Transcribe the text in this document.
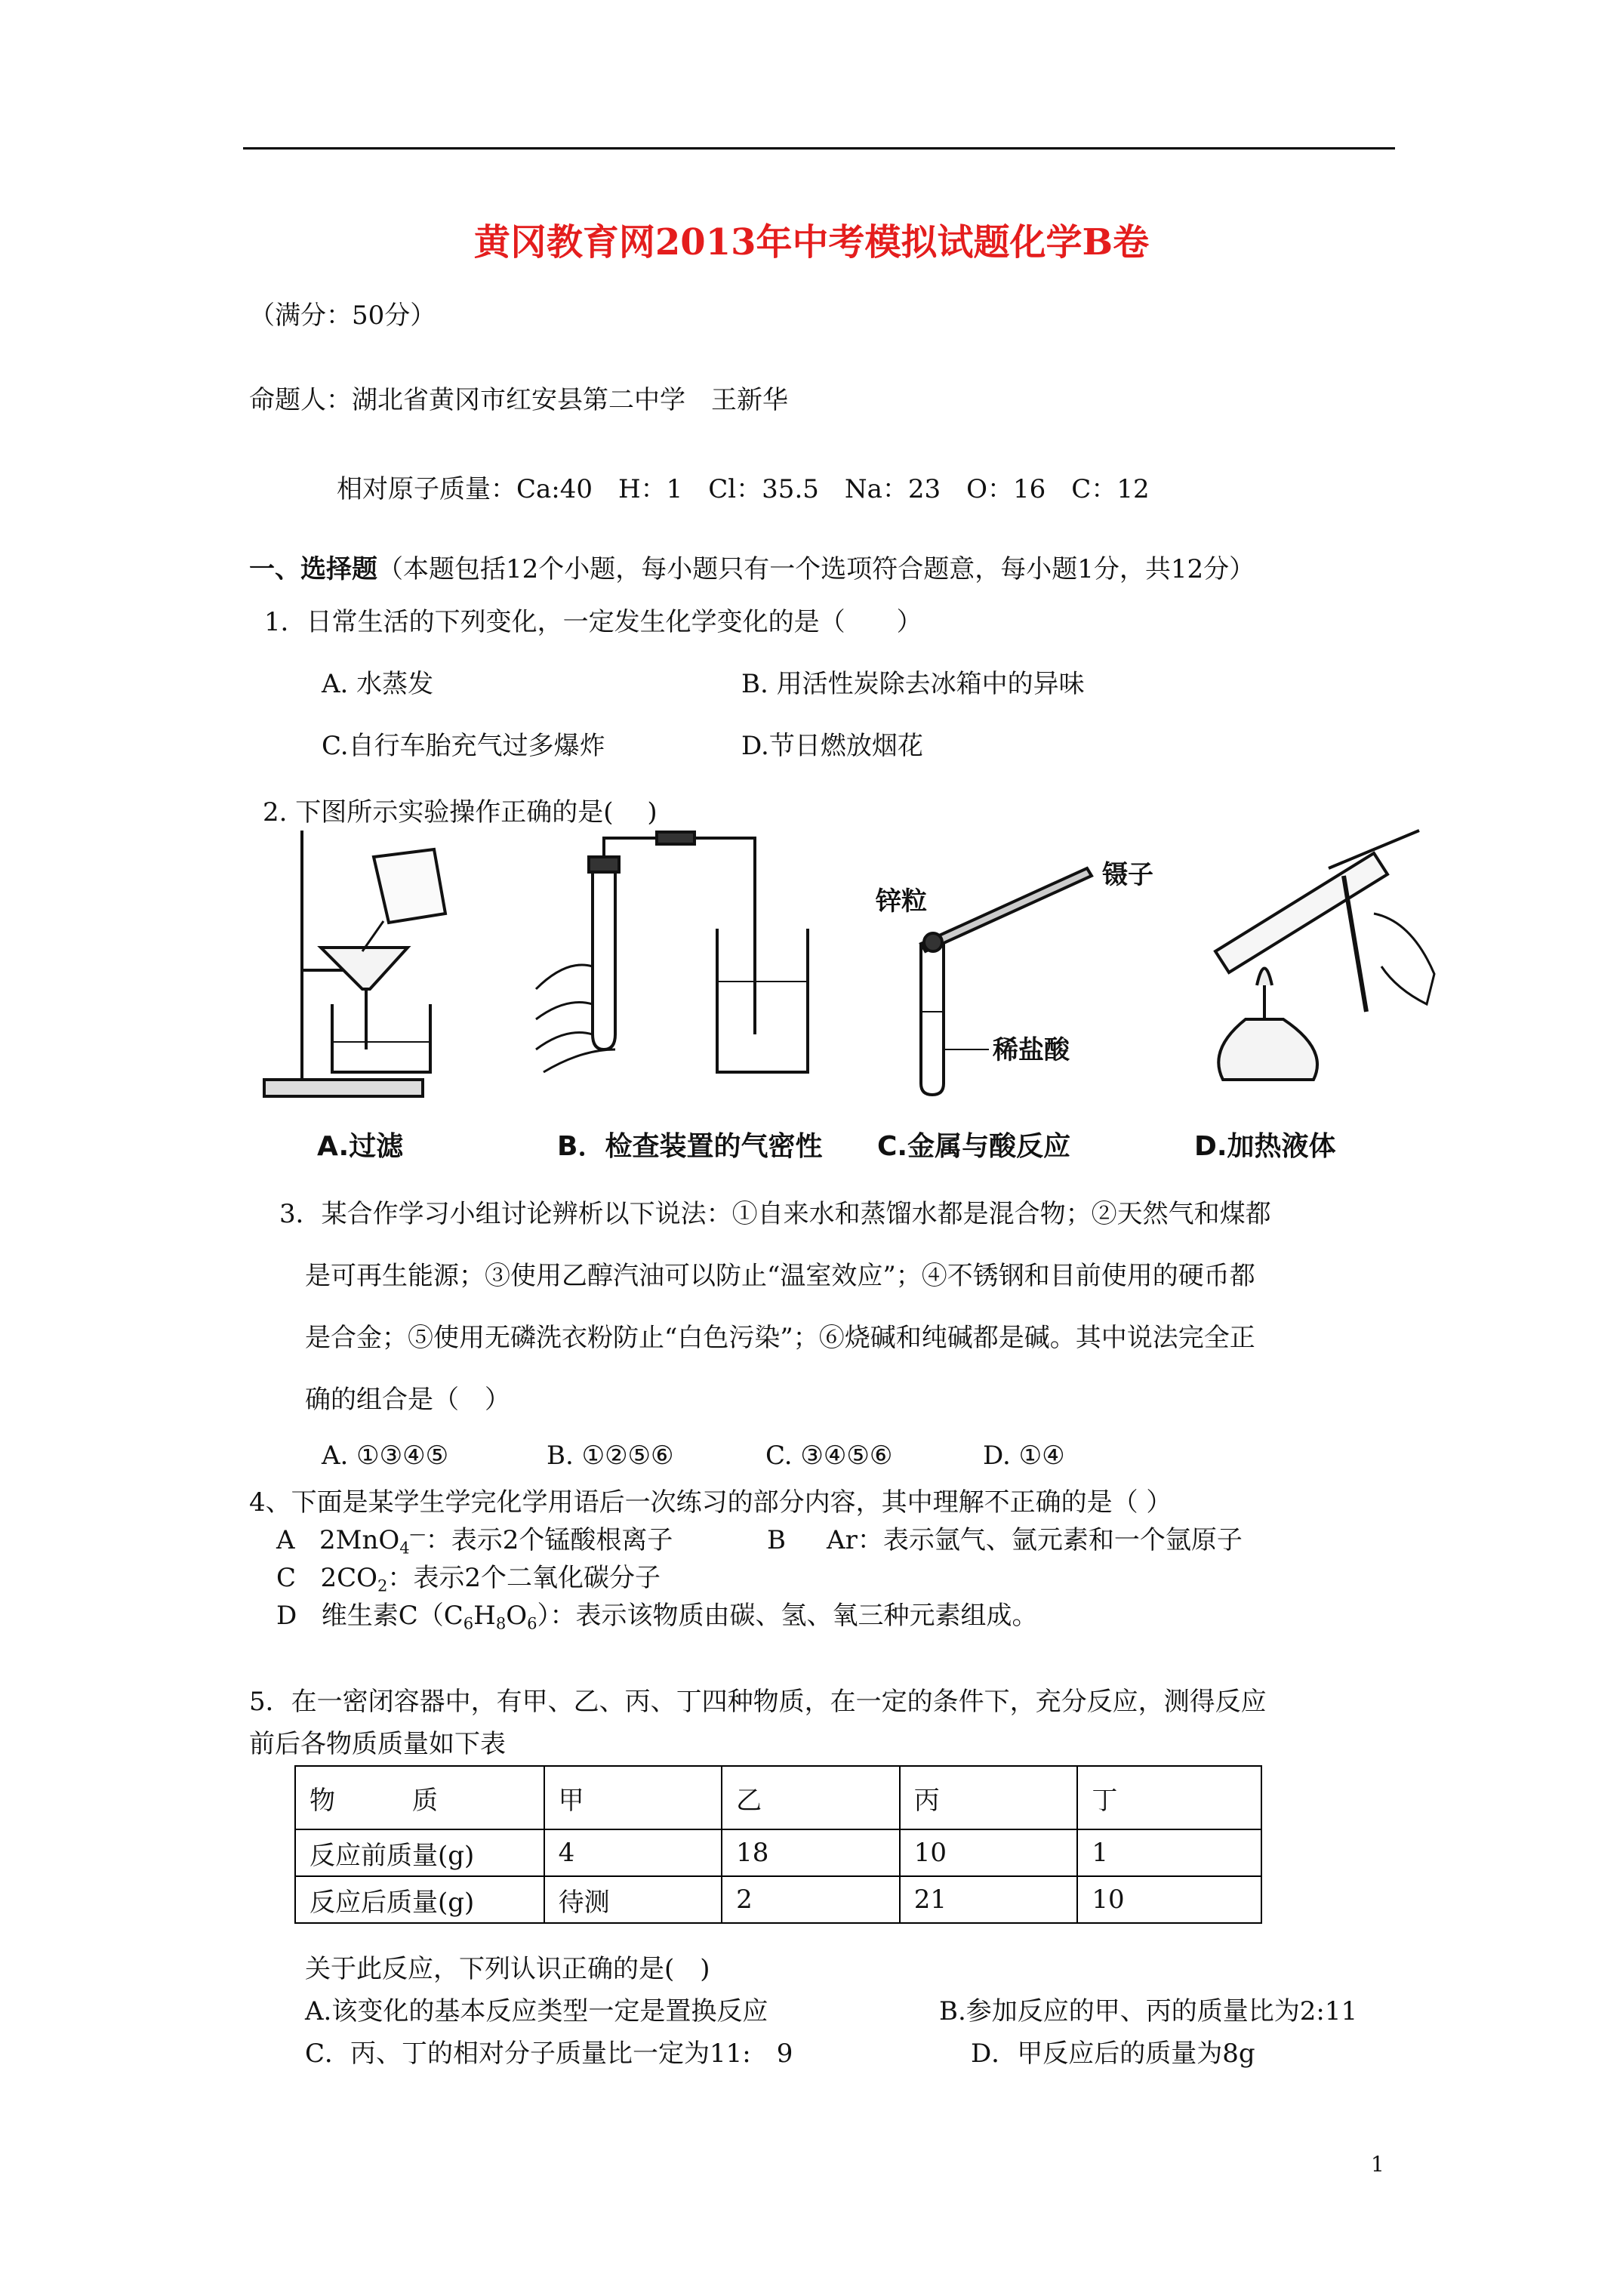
黄冈教育网2013年中考模拟试题化学B卷
（满分：50分）
命题人：湖北省黄冈市红安县第二中学　王新华
相对原子质量：Ca:40　H：1　Cl：35.5　Na：23　O：16　C：12
一、选择题（本题包括12个小题，每小题只有一个选项符合题意，每小题1分，共12分）
1．日常生活的下列变化，一定发生化学变化的是（　　）
A. 水蒸发	B. 用活性炭除去冰箱中的异味
C.自行车胎充气过多爆炸	D.节日燃放烟花
2. 下图所示实验操作正确的是(　 )
A.过滤	B．检查装置的气密性
锌粒
镊子
稀盐酸
C.金属与酸反应	D.加热液体
3．某合作学习小组讨论辨析以下说法：①自来水和蒸馏水都是混合物；②天然气和煤都
是可再生能源；③使用乙醇汽油可以防止“温室效应”；④不锈钢和目前使用的硬币都
是合金；⑤使用无磷洗衣粉防止“白色污染”；⑥烧碱和纯碱都是碱。其中说法完全正
确的组合是（　）
A. ①③④⑤	B. ①②⑤⑥	C. ③④⑤⑥	D. ①④
4、下面是某学生学完化学用语后一次练习的部分内容，其中理解不正确的是（ ）
A 2MnO$_4$—：表示2个锰酸根离子	B Ar：表示氩气、氩元素和一个氩原子
C $2CO_2$：表示2个二氧化碳分子
D 维生素$C(C_6H_8O_6)$：表示该物质由碳、氢、氧三种元素组成。
5．在一密闭容器中，有甲、乙、丙、丁四种物质，在一定的条件下，充分反应，测得反应
前后各物质质量如下表
物　　　质	甲	乙	丙	丁
反应前质量(g)	4	18	10	1
反应后质量(g)	待测	2	21	10
关于此反应，下列认识正确的是(　)
A.该变化的基本反应类型一定是置换反应	B.参加反应的甲、丙的质量比为2:11
C．丙、丁的相对分子质量比一定为11:　9	D．甲反应后的质量为8g
1
